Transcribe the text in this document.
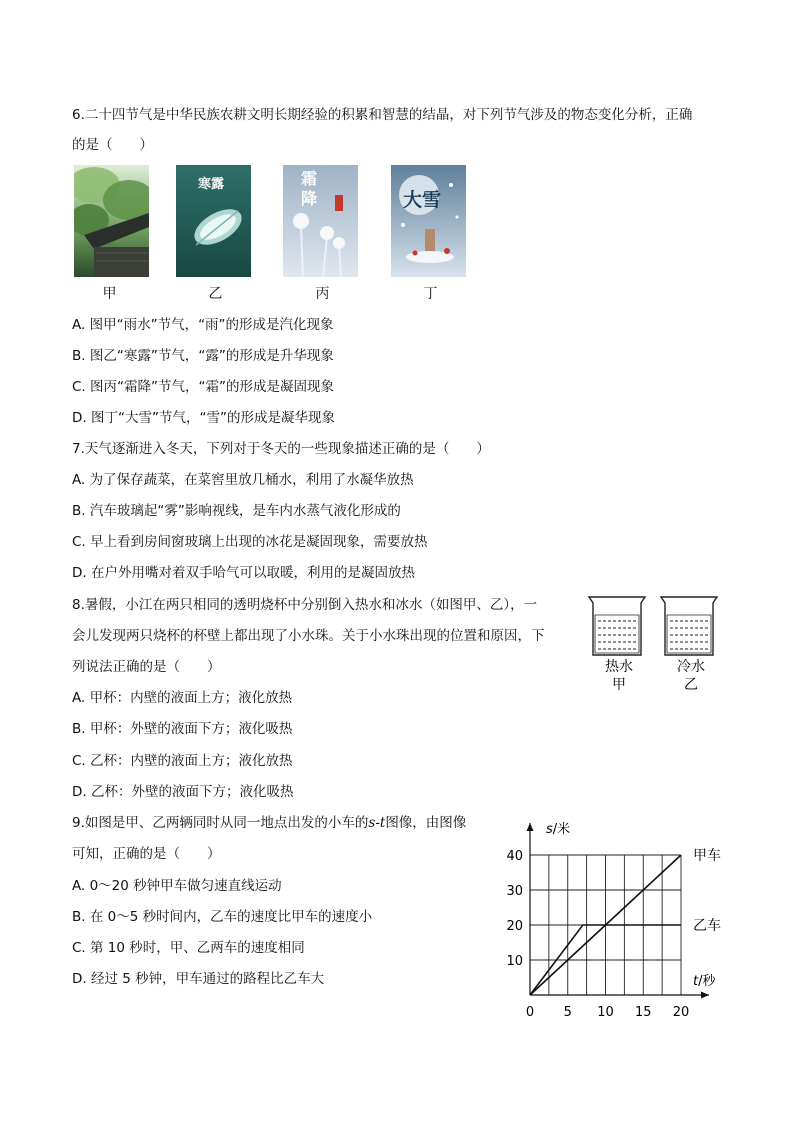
6.二十四节气是中华民族农耕文明长期经验的积累和智慧的结晶，对下列节气涉及的物态变化分析，正确
的是（　　）
寒露	霜降	大雪
甲	乙	丙	丁
A. 图甲“雨水”节气，“雨”的形成是汽化现象
B. 图乙“寒露”节气，“露”的形成是升华现象
C. 图丙“霜降”节气，“霜”的形成是凝固现象
D. 图丁“大雪”节气，“雪”的形成是凝华现象
7.天气逐渐进入冬天，下列对于冬天的一些现象描述正确的是（　　）
A. 为了保存蔬菜，在菜窖里放几桶水，利用了水凝华放热
B. 汽车玻璃起“雾”影响视线，是车内水蒸气液化形成的
C. 早上看到房间窗玻璃上出现的冰花是凝固现象，需要放热
D. 在户外用嘴对着双手哈气可以取暖，利用的是凝固放热
8.暑假，小江在两只相同的透明烧杯中分别倒入热水和冰水（如图甲、乙），一
会儿发现两只烧杯的杯壁上都出现了小水珠。关于小水珠出现的位置和原因，下
列说法正确的是（　　）
A. 甲杯：内壁的液面上方；液化放热
B. 甲杯：外壁的液面下方；液化吸热
C. 乙杯：内壁的液面上方；液化放热
D. 乙杯：外壁的液面下方；液化吸热
热水
甲
冷水
乙
9.如图是甲、乙两辆同时从同一地点出发的小车的s-t图像，由图像
可知，正确的是（　　）
A. 0～20 秒钟甲车做匀速直线运动
B. 在 0～5 秒时间内，乙车的速度比甲车的速度小
C. 第 10 秒时，甲、乙两车的速度相同
D. 经过 5 秒钟，甲车通过的路程比乙车大
0 5 10 15 20
10
20
30
40
s/米
t/秒
甲车
乙车
